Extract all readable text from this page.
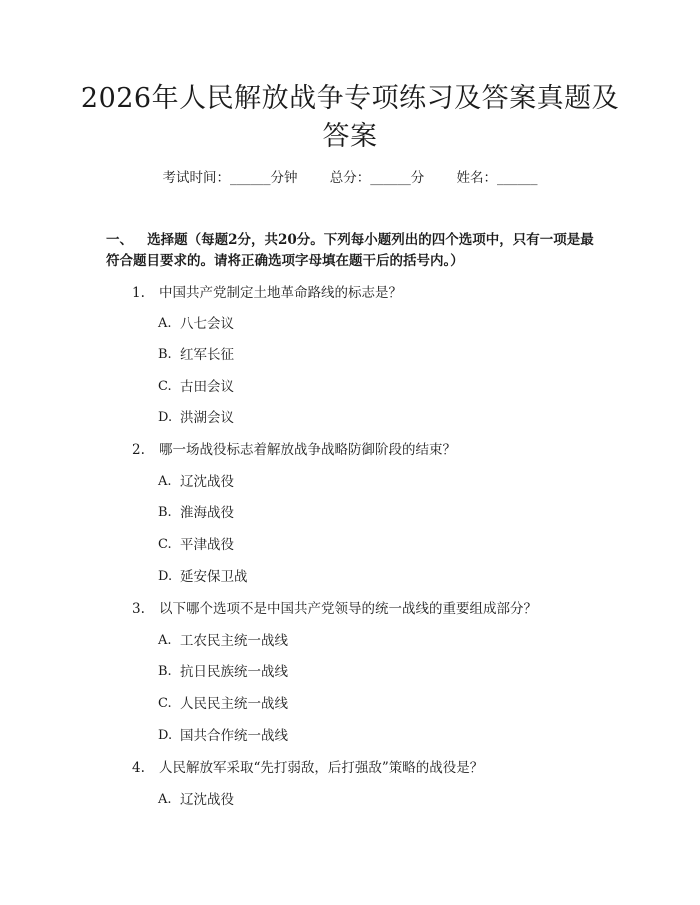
2026年人民解放战争专项练习及答案真题及答案
考试时间：______分钟 总分：______分 姓名：______
一、 选择题（每题2分，共20分。下列每小题列出的四个选项中，只有一项是最符合题目要求的。请将正确选项字母填在题干后的括号内。）
1. 中国共产党制定土地革命路线的标志是？
A. 八七会议
B. 红军长征
C. 古田会议
D. 洪湖会议
2. 哪一场战役标志着解放战争战略防御阶段的结束？
A. 辽沈战役
B. 淮海战役
C. 平津战役
D. 延安保卫战
3. 以下哪个选项不是中国共产党领导的统一战线的重要组成部分？
A. 工农民主统一战线
B. 抗日民族统一战线
C. 人民民主统一战线
D. 国共合作统一战线
4. 人民解放军采取“先打弱敌，后打强敌”策略的战役是？
A. 辽沈战役
